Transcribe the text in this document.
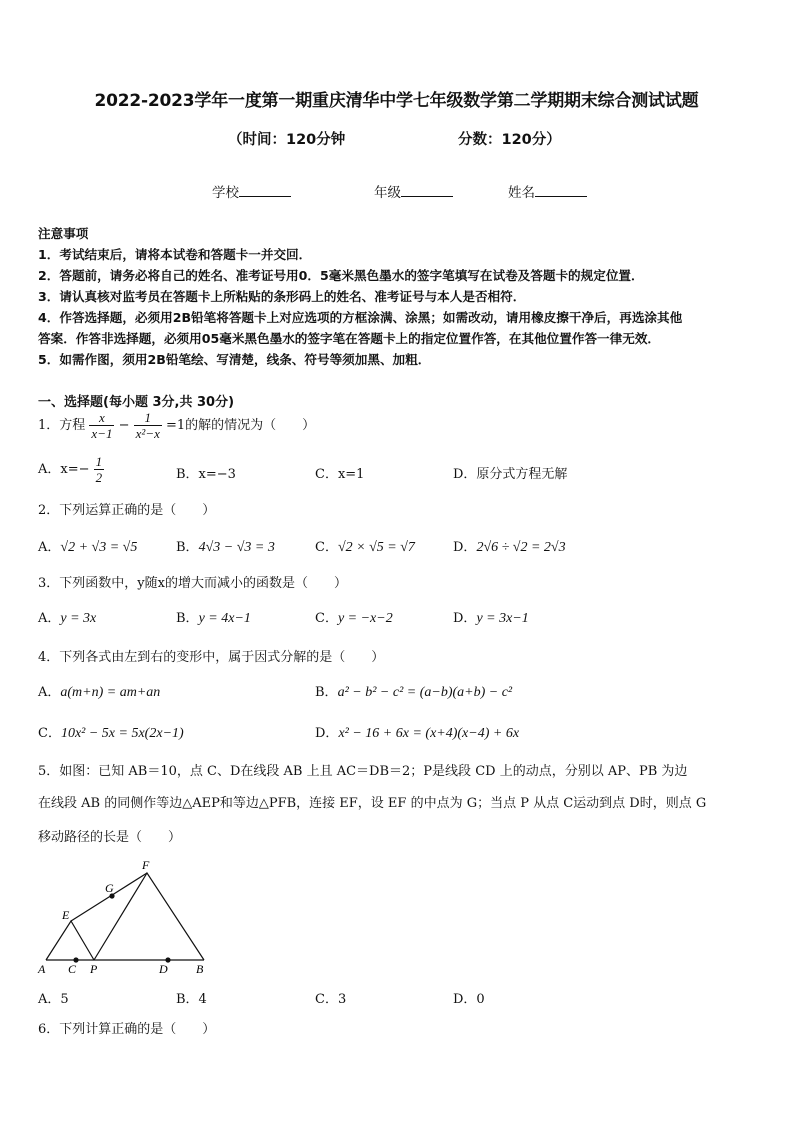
2022-2023学年一度第一期重庆清华中学七年级数学第二学期期末综合测试试题
（时间：120分钟	分数：120分）
学校	年级	姓名
注意事项
1．考试结束后，请将本试卷和答题卡一并交回．
2．答题前，请务必将自己的姓名、准考证号用0．5毫米黑色墨水的签字笔填写在试卷及答题卡的规定位置．
3．请认真核对监考员在答题卡上所粘贴的条形码上的姓名、准考证号与本人是否相符．
4．作答选择题，必须用2B铅笔将答题卡上对应选项的方框涂满、涂黑；如需改动，请用橡皮擦干净后，再选涂其他
答案．作答非选择题，必须用05毫米黑色墨水的签字笔在答题卡上的指定位置作答，在其他位置作答一律无效．
5．如需作图，须用2B铅笔绘、写清楚，线条、符号等须加黑、加粗．
一、选择题(每小题 3分,共 30分)
1．方程 $\frac{x}{x-1} - \frac{1}{\text{x²−x}} =1$的解的情况为（　　）
A．$x=- \frac{1}{2}$	B．x=−3	C．x=1	D．原分式方程无解
2．下列运算正确的是（　　）
A．√2 + √3 = √5	B．4√3 − √3 = 3	C．√2 × √5 = √7	D．2√6 ÷ √2 = 2√3
3．下列函数中，y随x的增大而减小的函数是（　　）
A．y = 3x	B．y = 4x−1	C．y = −x−2	D．y = 3x−1
4．下列各式由左到右的变形中，属于因式分解的是（　　）
A．a(m+n) = am+an	B．a² − b² − c² = (a−b)(a+b) − c²
C．10x² − 5x = 5x(2x−1)	D．x² − 16 + 6x = (x+4)(x−4) + 6x
5．如图：已知 AB＝10，点 C、D在线段 AB 上且 AC＝DB＝2；P是线段 CD 上的动点，分别以 AP、PB 为边
在线段 AB 的同侧作等边△AEP和等边△PFB，连接 EF，设 EF 的中点为 G；当点 P 从点 C运动到点 D时，则点 G
移动路径的长是（　　）
A C P	D B
E
F
G
A．5	B．4	C．3	D．0
6．下列计算正确的是（　　）
